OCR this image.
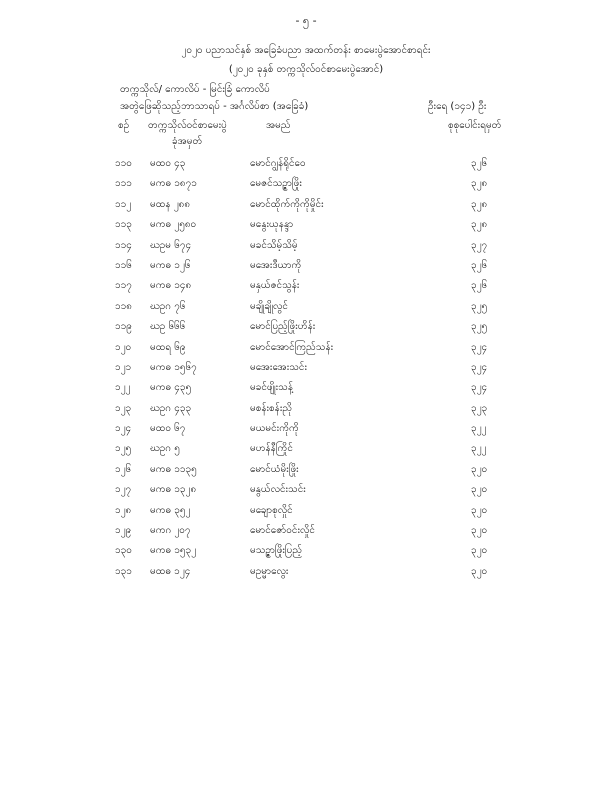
- ၅ -
၂၀၂၀ ပညာသင်နှစ် အခြေခံပညာ အထက်တန်း စာမေးပွဲအောင်စာရင်း
(၂၀၂၀ ခုနှစ် တက္ကသိုလ်ဝင်စာမေးပွဲအောင်)
တက္ကသိုလ်/ ကောလိပ် - မြင်းခြံ ကောလိပ်
အတွဲဖြေဆိုသည့်ဘာသာရပ် - အင်္ဂလိပ်စာ (အခြေခံ)	ဦးရေ (၁၄၁) ဦး
စဉ် တက္ကသိုလ်ဝင်စာမေးပွဲ
ခုံအမှတ်
အမည်	စုစုပေါင်းရမှတ်
၁၁၀ မထဝ ၄၃	မောင်ဂျွန်ရိုင်ဝေ	၃၂၆
၁၁၁ မကဓ ၁၈၇၁	မေဇင်သဉ္ဇာဖြိုး	၃၂၈
၁၁၂ မထန ၂၈၈	မောင်ထိုက်ကိုကိုမှိုင်း	၃၂၈
၁၁၃ မကဓ ၂၅၈၀	မနွေးယုနန္ဒာ	၃၂၈
၁၁၄ ဃဥမ ၆၇၄	မခင်သိမ့်သိမ့်	၃၂၇
၁၁၆ မကဓ ၁၂၆	မအေးဒီယာကို	၃၂၆
၁၁၇ မကဓ ၁၄၈	မနှယ်ဇင်သွန်း	၃၂၆
၁၁၈ ဃဥဂ ၇၆	မချိုချိုလွင်	၃၂၅
၁၁၉ ဃဥ ၆၆၆	မောင်ပြည့်ဖြိုးဟိန်း	၃၂၅
၁၂၀ မထရ ၆၉	မောင်အောင်ကြည်သန်း	၃၂၄
၁၂၁ မကဓ ၁၅၆၇	မအေးအေးသင်း	၃၂၄
၁၂၂ မကဓ ၄၃၅	မခင်ဖျိုးသန့်	၃၂၄
၁၂၃ ဃဥဂ ၄၃၃	မစန်းစန်းညို	၃၂၃
၁၂၄ မထဝ ၆၇	မယမင်းကိုကို	၃၂၂
၁၂၅ ဃဥဂ ၅	မဟန်နီကြိုင်	၃၂၂
၁၂၆ မကဓ ၁၁၃၅	မောင်ယံမိုးဖြိုး	၃၂၀
၁၂၇ မကဓ ၁၃၂၈	မနွယ်လင်းသင်း	၃၂၀
၁၂၈ မကဓ ၃၅၂	မချောစုလှိုင်	၃၂၀
၁၂၉ မကဂ ၂၀၇	မောင်ဇော်ဝင်းလှိုင်	၃၂၀
၁၃၀ မကဓ ၁၅၃၂	မသဉ္ဇာဖြိုးပြည့်	၃၂၀
၁၃၁ မထဓ ၁၂၄	မဥမ္မာလွေး	၃၂၀
